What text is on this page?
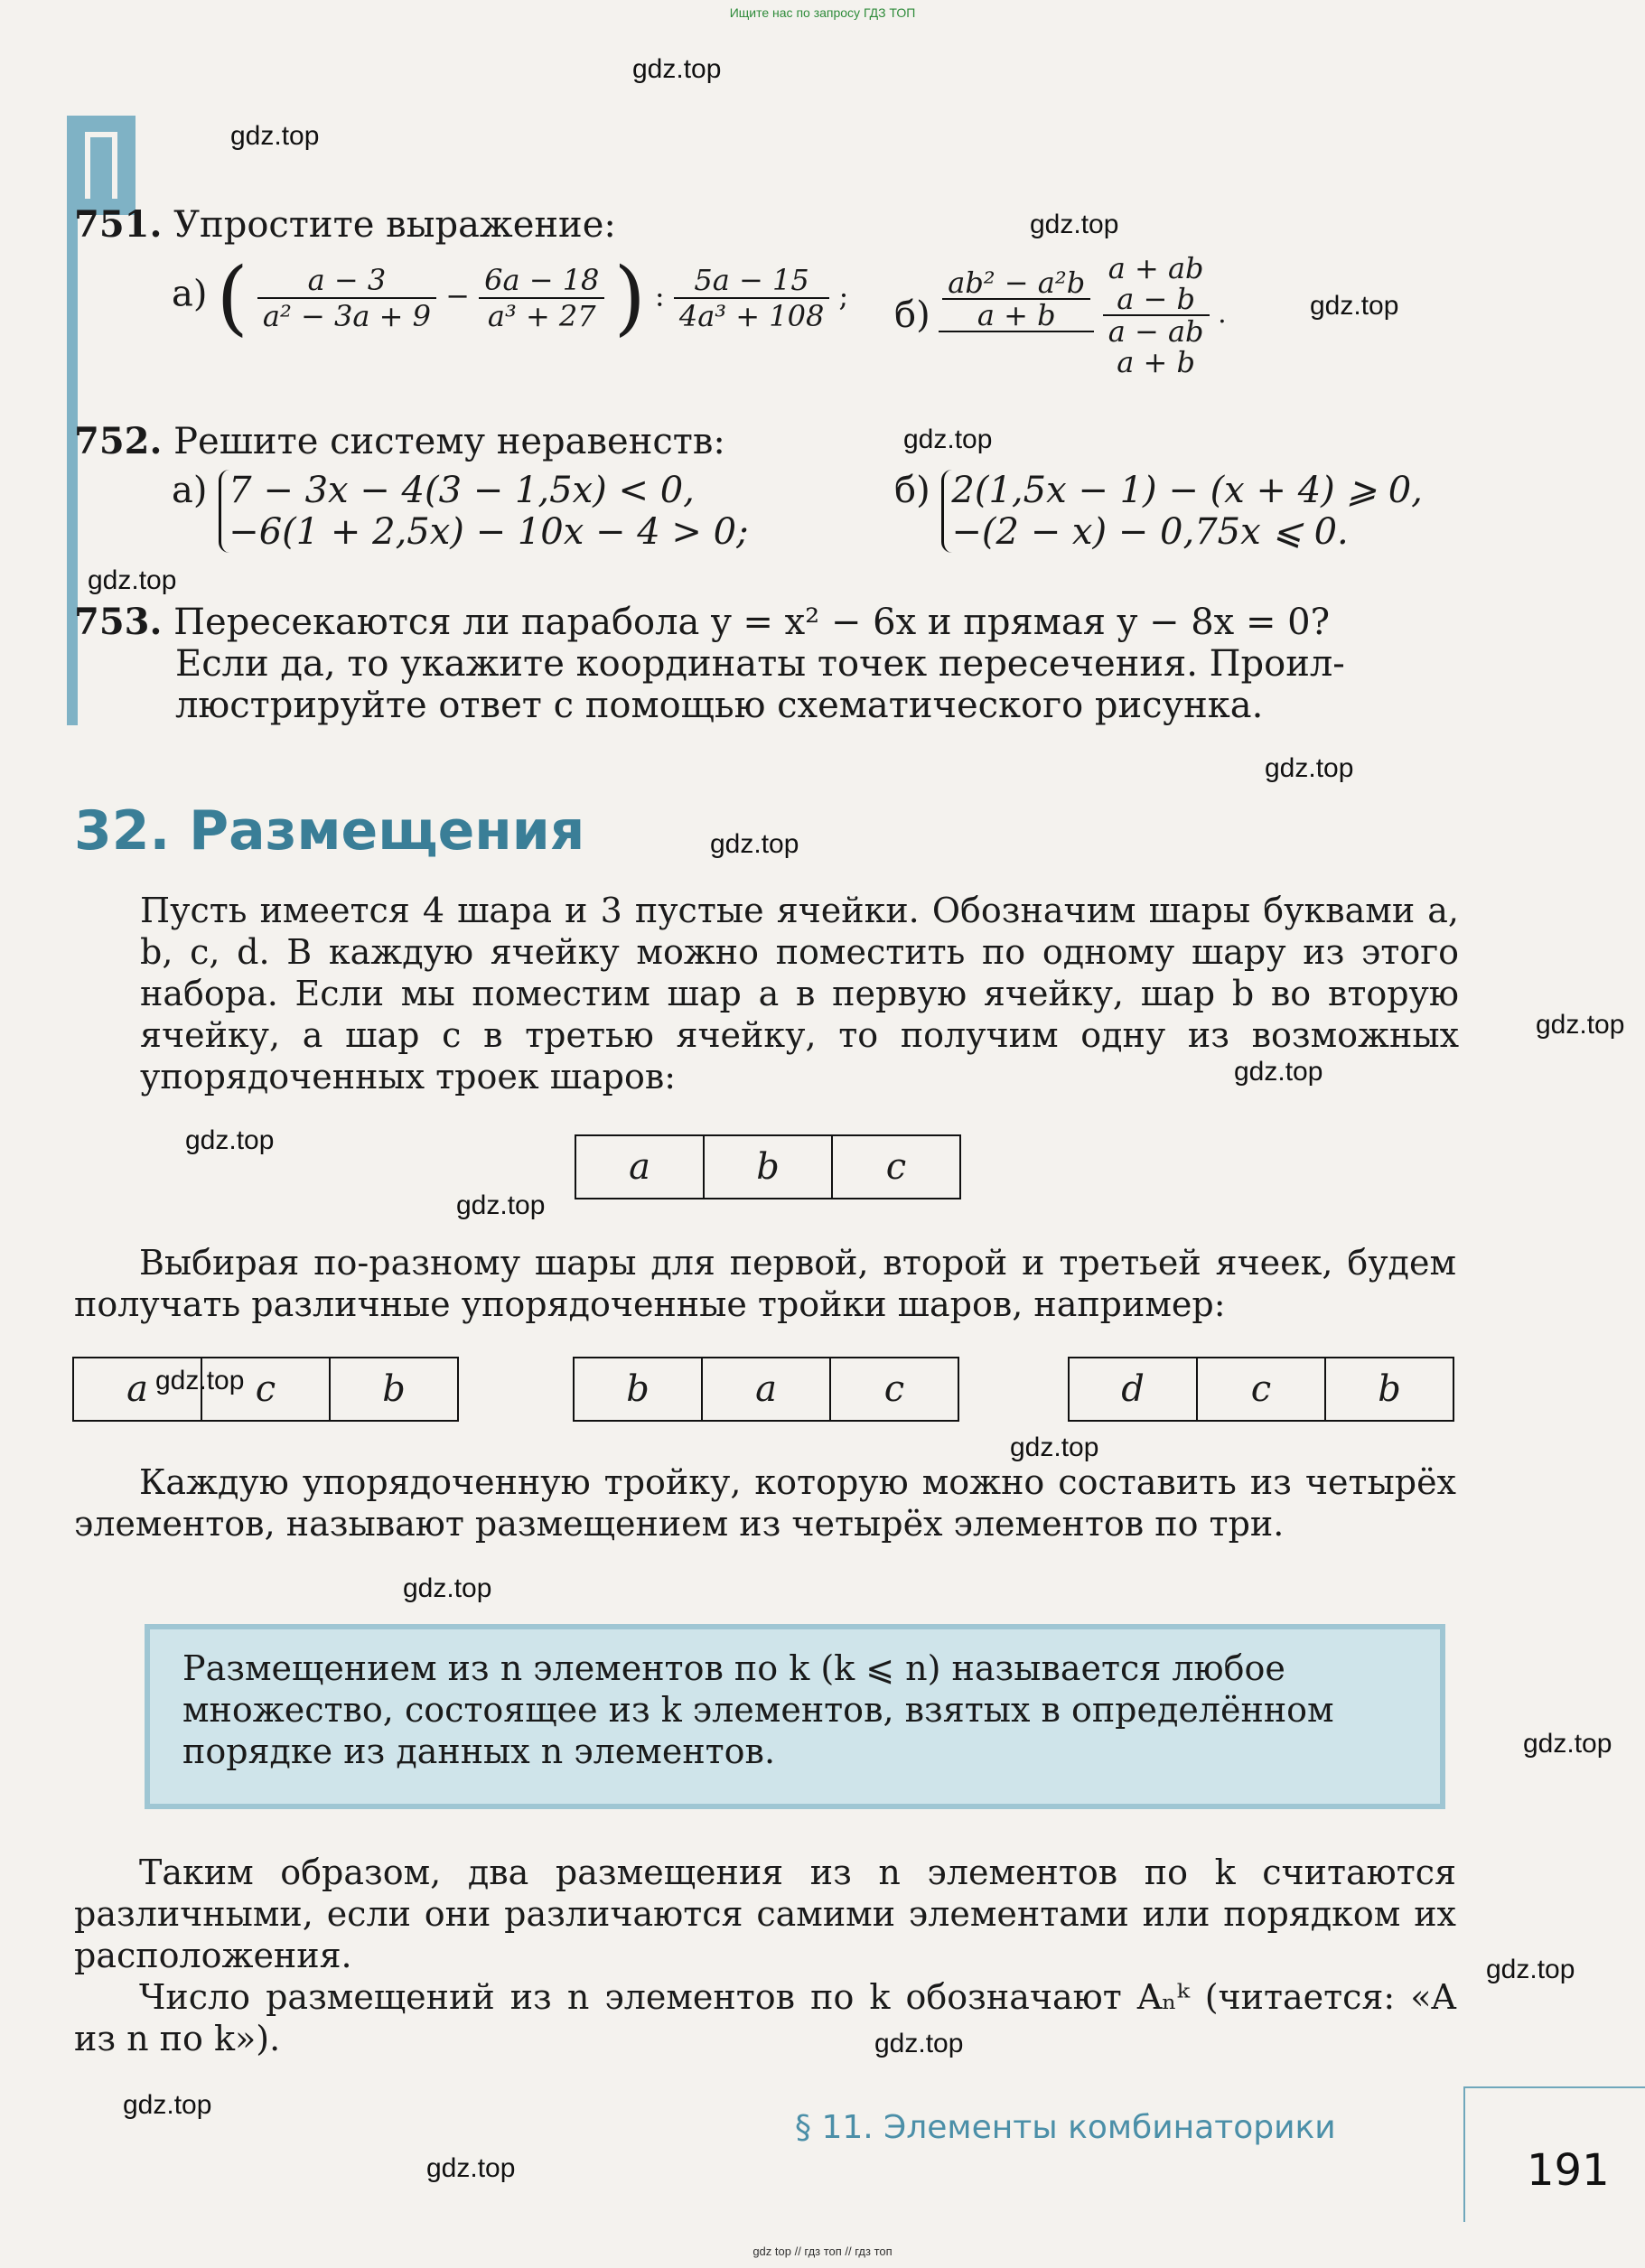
Ищите нас по запросу ГДЗ ТОП
751. Упростите выражение:
а) ( $\frac{a - 3}{\text{a² − 3a + 9}} - \frac{6a - 18}{\text{a³ + 27}}$ ) : $\frac{5a - 15}{\text{4a³ + 108}}$ ; $б) \frac{\text{ab² − a²b}}{a + b}$

a + ab
a − b
a − ab
a + b
.
752. Решите систему неравенств:
а) 7 − 3x − 4(3 − 1,5x) < 0,
−6(1 + 2,5x) − 10x − 4 > 0;
б) 2(1,5x − 1) − (x + 4) ⩾ 0,
−(2 − x) − 0,75x ⩽ 0.
753. Пересекаются ли парабола y = x² − 6x и прямая y − 8x = 0?
Если да, то укажите координаты точек пересечения. Проил-
люстрируйте ответ с помощью схематического рисунка.
32. Размещения
Пусть имеется 4 шара и 3 пустые ячейки. Обозначим шары буквами a, b, c, d. В каждую ячейку можно поместить по одному шару из этого набора. Если мы поместим шар a в первую ячейку, шар b во вторую ячейку, а шар c в третью ячейку, то получим одну из возможных упорядоченных троек шаров:
a	b	c
Выбирая по-разному шары для первой, второй и третьей ячеек, будем получать различные упорядоченные тройки шаров, например:
a	c	b	b	a	c	d	c	b
Каждую упорядоченную тройку, которую можно составить из четырёх элементов, называют размещением из четырёх элементов по три.
Размещением из n элементов по k (k ⩽ n) называется любое множество, состоящее из k элементов, взятых в определённом порядке из данных n элементов.
Таким образом, два размещения из n элементов по k считаются различными, если они различаются самими элементами или порядком их расположения.
Число размещений из n элементов по k обозначают Aₙᵏ (читается: «A из n по k»).
§ 11. Элементы комбинаторики
191
gdz.top
gdz.top
gdz.top
gdz.top
gdz.top
gdz.top
gdz.top
gdz.top
gdz.top
gdz.top
gdz.top
gdz.top
gdz.top
gdz.top
gdz.top
gdz.top
gdz.top
gdz.top
gdz.top
gdz.top
gdz top // гдз топ // гдз топ
